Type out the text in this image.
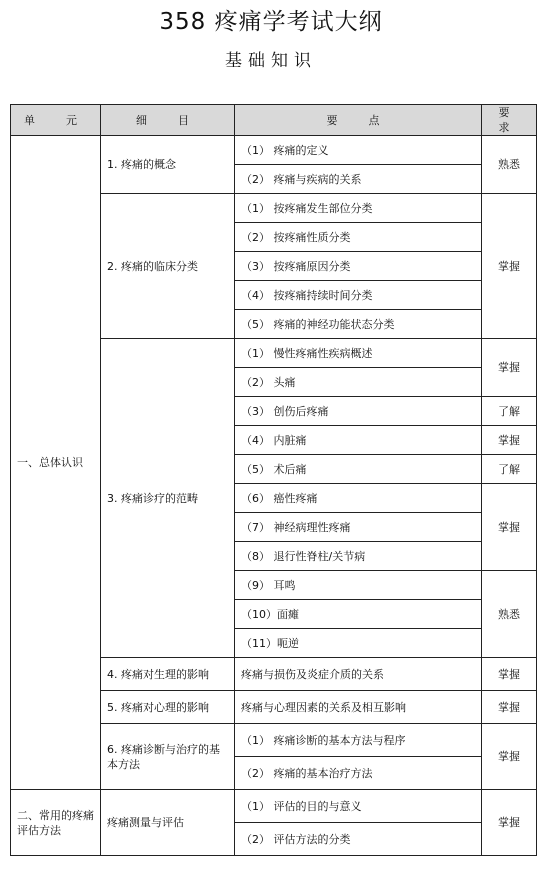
358 疼痛学考试大纲
基础知识
单　元	细　目	要　点	要　求
一、总体认识	1. 疼痛的概念	（1） 疼痛的定义	熟悉
		（2） 疼痛与疾病的关系	
	2. 疼痛的临床分类	（1） 按疼痛发生部位分类	掌握
		（2） 按疼痛性质分类	
		（3） 按疼痛原因分类	
		（4） 按疼痛持续时间分类	
		（5） 疼痛的神经功能状态分类	
	3. 疼痛诊疗的范畴	（1） 慢性疼痛性疾病概述	掌握
		（2） 头痛	
		（3） 创伤后疼痛	了解
		（4） 内脏痛	掌握
		（5） 术后痛	了解
		（6） 癌性疼痛	掌握
		（7） 神经病理性疼痛	
		（8） 退行性脊柱/关节病	
		（9） 耳鸣	熟悉
		（10）面瘫	
		（11）呃逆	
	4. 疼痛对生理的影响	疼痛与损伤及炎症介质的关系	掌握
	5. 疼痛对心理的影响	疼痛与心理因素的关系及相互影响	掌握
	6. 疼痛诊断与治疗的基本方法	（1） 疼痛诊断的基本方法与程序	掌握
		（2） 疼痛的基本治疗方法	
二、常用的疼痛评估方法	疼痛测量与评估	（1） 评估的目的与意义	掌握
		（2） 评估方法的分类	
